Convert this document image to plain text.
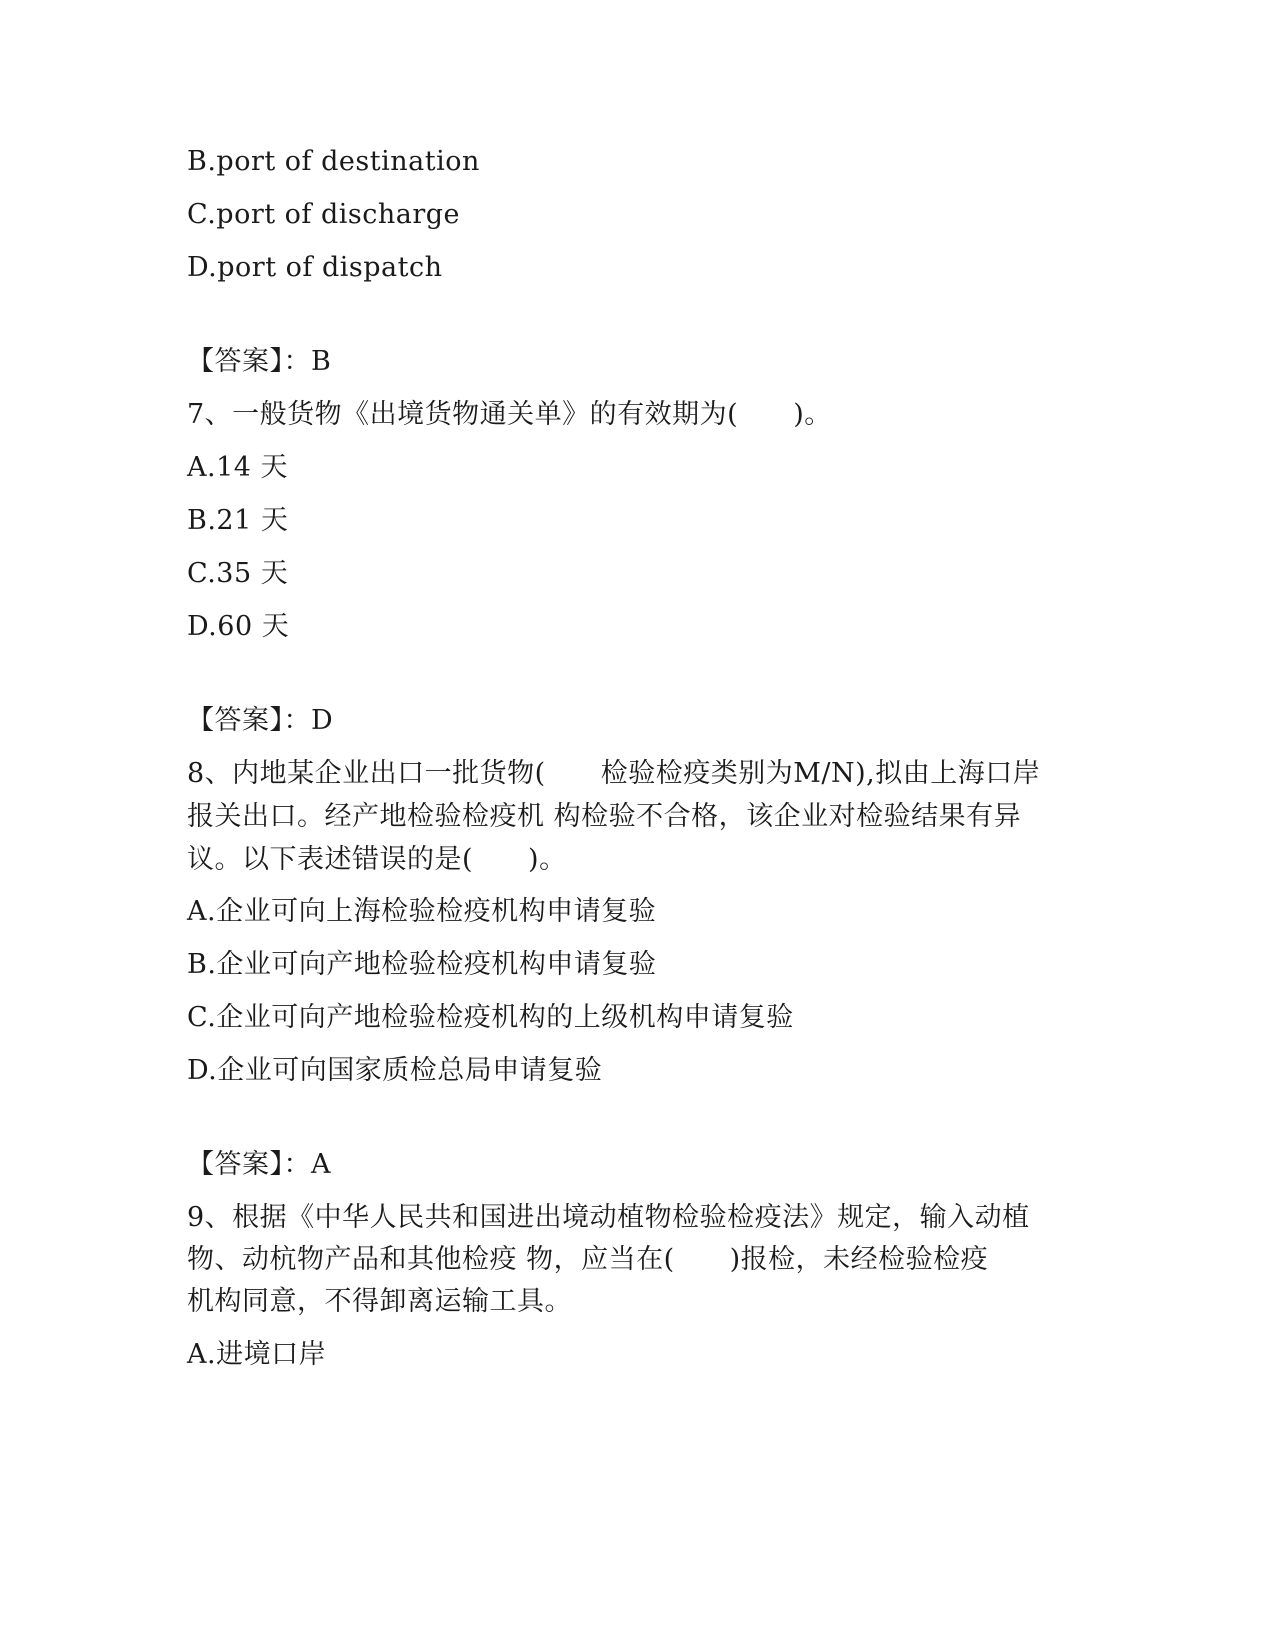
B.port of destination
C.port of discharge
D.port of dispatch
【答案】：B
7、一般货物《出境货物通关单》的有效期为(　　)。
A.14 天
B.21 天
C.35 天
D.60 天
【答案】：D
8、内地某企业出口一批货物(　　检验检疫类别为M/N),拟由上海口岸
报关出口。经产地检验检疫机 构检验不合格，该企业对检验结果有异
议。以下表述错误的是(　　)。
A.企业可向上海检验检疫机构申请复验
B.企业可向产地检验检疫机构申请复验
C.企业可向产地检验检疫机构的上级机构申请复验
D.企业可向国家质检总局申请复验
【答案】：A
9、根据《中华人民共和国进出境动植物检验检疫法》规定，输入动植
物、动杭物产品和其他检疫 物，应当在(　　)报检，未经检验检疫
机构同意，不得卸离运输工具。
A.进境口岸
